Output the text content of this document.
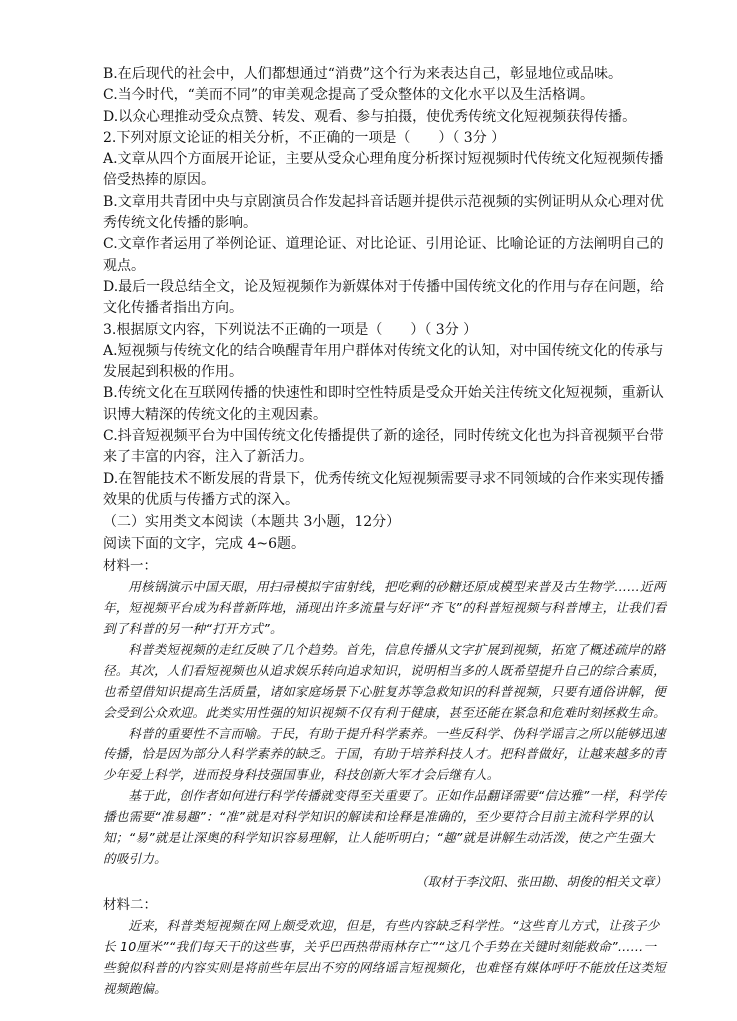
B.在后现代的社会中，人们都想通过“消费”这个行为来表达自己，彰显地位或品味。

C.当今时代，“美而不同”的审美观念提高了受众整体的文化水平以及生活格调。

D.以众心理推动受众点赞、转发、观看、参与拍摄，使优秀传统文化短视频获得传播。

2.下列对原文论证的相关分析，不正确的一项是（　　）（ 3分 ）

A.文章从四个方面展开论证，主要从受众心理角度分析探讨短视频时代传统文化短视频传播倍受热捧的原因。

B.文章用共青团中央与京剧演员合作发起抖音话题并提供示范视频的实例证明从众心理对优秀传统文化传播的影响。

C.文章作者运用了举例论证、道理论证、对比论证、引用论证、比喻论证的方法阐明自己的观点。

D.最后一段总结全文，论及短视频作为新媒体对于传播中国传统文化的作用与存在问题，给文化传播者指出方向。

3.根据原文内容，下列说法不正确的一项是（　　）（ 3分 ）

A.短视频与传统文化的结合唤醒青年用户群体对传统文化的认知，对中国传统文化的传承与发展起到积极的作用。

B.传统文化在互联网传播的快速性和即时空性特质是受众开始关注传统文化短视频，重新认识博大精深的传统文化的主观因素。

C.抖音短视频平台为中国传统文化传播提供了新的途径，同时传统文化也为抖音视频平台带来了丰富的内容，注入了新活力。

D.在智能技术不断发展的背景下，优秀传统文化短视频需要寻求不同领域的合作来实现传播效果的优质与传播方式的深入。

（二）实用类文本阅读（本题共 3小题，12分）

阅读下面的文字，完成 4~6题。

材料一：

用核锅演示中国天眼，用扫帚模拟宇宙射线，把吃剩的砂糖还原成模型来普及古生物学……近两年，短视频平台成为科普新阵地，涌现出许多流量与好评“齐飞”的科普短视频与科普博主，让我们看到了科普的另一种“打开方式”。

科普类短视频的走红反映了几个趋势。首先，信息传播从文字扩展到视频，拓宽了概述疏岸的路径。其次，人们看短视频也从追求娱乐转向追求知识，说明相当多的人既希望提升自己的综合素质，也希望借知识提高生活质量，诸如家庭场景下心脏复苏等急救知识的科普视频，只要有通俗讲解，便会受到公众欢迎。此类实用性强的知识视频不仅有利于健康，甚至还能在紧急和危难时刻拯救生命。

科普的重要性不言而喻。于民，有助于提升科学素养。一些反科学、伪科学谣言之所以能够迅速传播，恰是因为部分人科学素养的缺乏。于国，有助于培养科技人才。把科普做好，让越来越多的青少年爱上科学，进而投身科技强国事业，科技创新大军才会后继有人。

基于此，创作者如何进行科学传播就变得至关重要了。正如作品翻译需要“信达雅”一样，科学传播也需要“准易趣”：“准”就是对科学知识的解读和诠释是准确的，至少要符合目前主流科学界的认知；“易”就是让深奥的科学知识容易理解，让人能听明白；“趣”就是讲解生动活泼，使之产生强大的吸引力。

（取材于李汶阳、张田勘、胡俊的相关文章）

材料二：

近来，科普类短视频在网上颇受欢迎，但是，有些内容缺乏科学性。“这些育儿方式，让孩子少长 10厘米”“我们每天干的这些事，关乎巴西热带雨林存亡”“这几个手势在关键时刻能救命”……一些貌似科普的内容实则是将前些年层出不穷的网络谣言短视频化，也难怪有媒体呼吁不能放任这类短视频跑偏。
